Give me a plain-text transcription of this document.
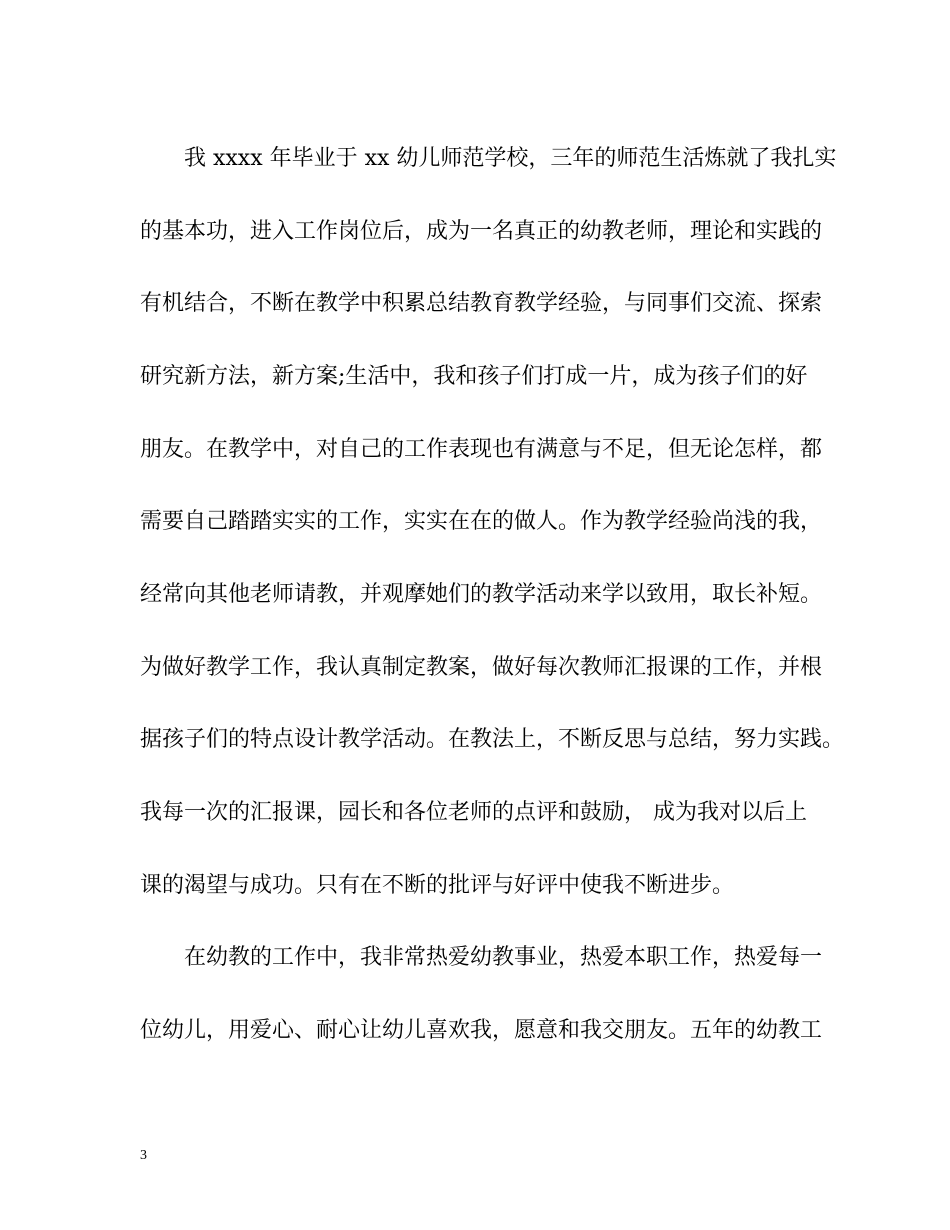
我 xxxx 年毕业于 xx 幼儿师范学校，三年的师范生活炼就了我扎实
的基本功，进入工作岗位后，成为一名真正的幼教老师，理论和实践的
有机结合，不断在教学中积累总结教育教学经验，与同事们交流、探索
研究新方法，新方案;生活中，我和孩子们打成一片，成为孩子们的好
朋友。在教学中，对自己的工作表现也有满意与不足，但无论怎样，都
需要自己踏踏实实的工作，实实在在的做人。作为教学经验尚浅的我，
经常向其他老师请教，并观摩她们的教学活动来学以致用，取长补短。
为做好教学工作，我认真制定教案，做好每次教师汇报课的工作，并根
据孩子们的特点设计教学活动。在教法上，不断反思与总结，努力实践。
我每一次的汇报课，园长和各位老师的点评和鼓励， 成为我对以后上
课的渴望与成功。只有在不断的批评与好评中使我不断进步。
在幼教的工作中，我非常热爱幼教事业，热爱本职工作，热爱每一
位幼儿，用爱心、耐心让幼儿喜欢我，愿意和我交朋友。五年的幼教工
3
